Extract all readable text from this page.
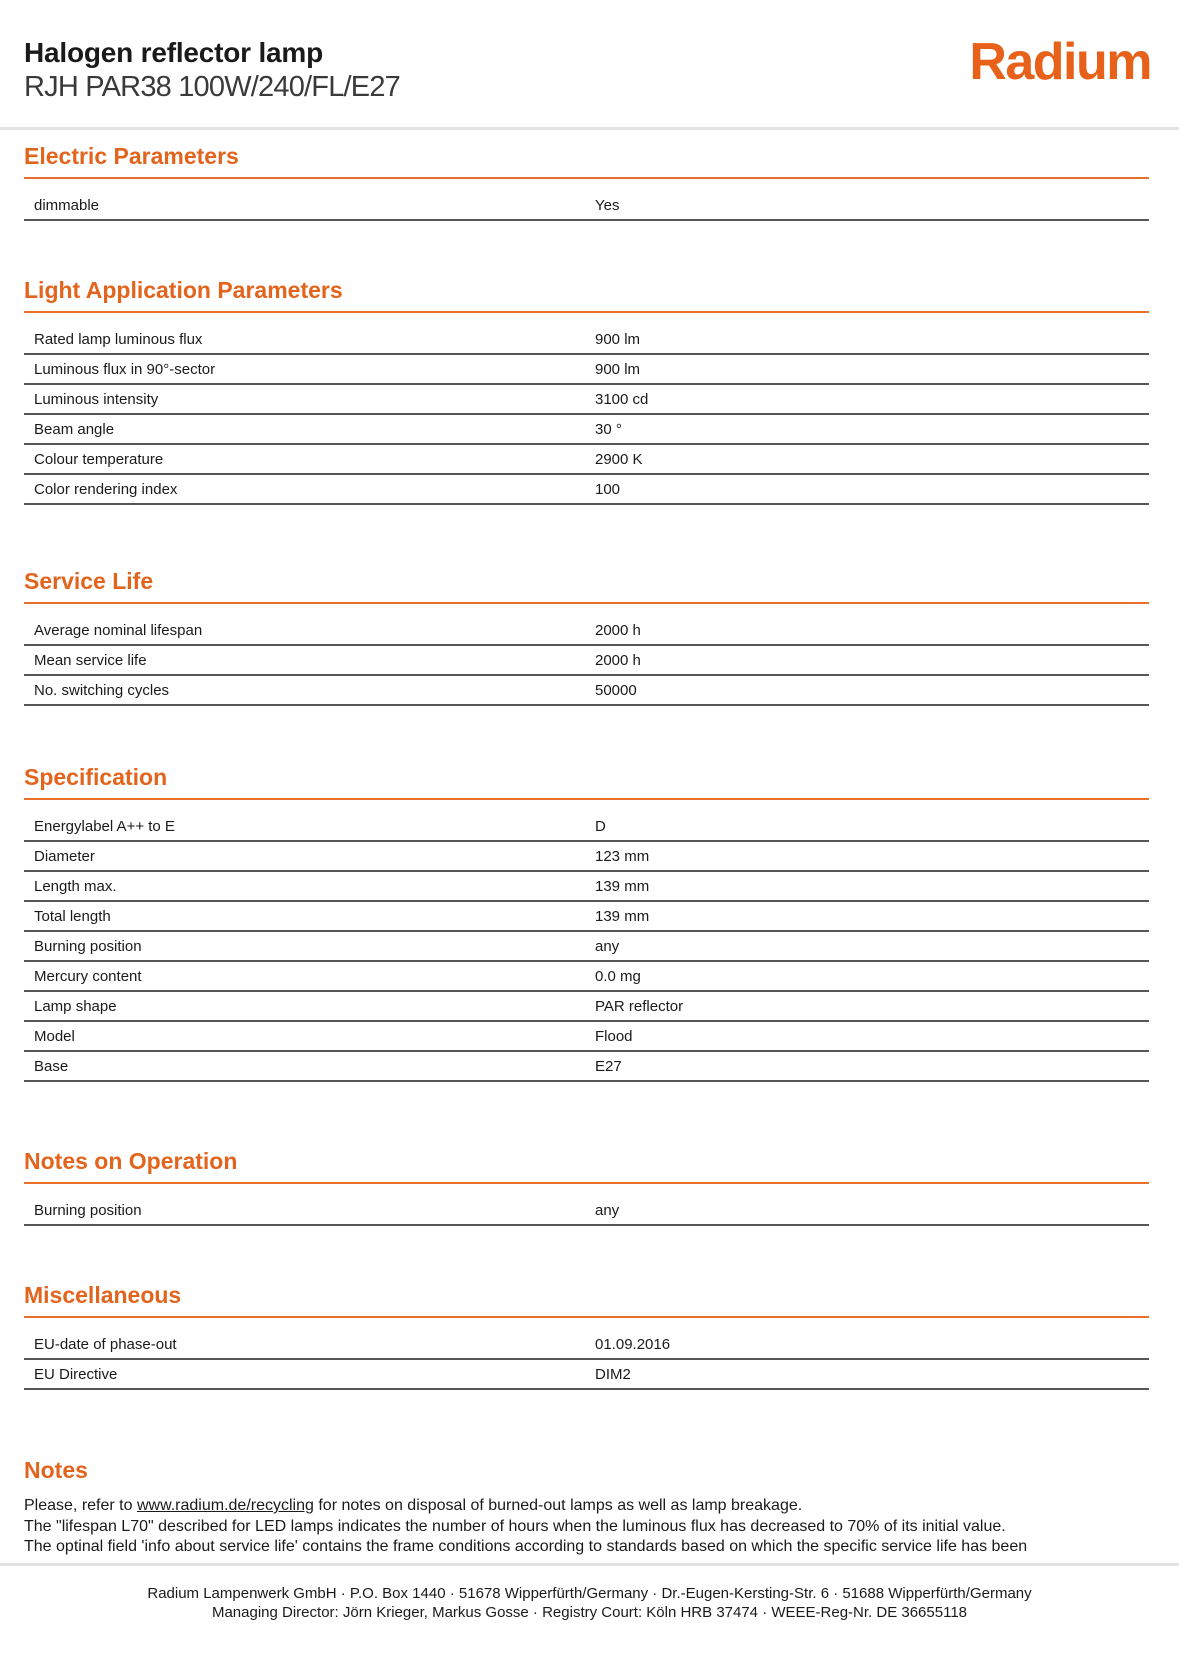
Halogen reflector lamp
RJH PAR38 100W/240/FL/E27	Radium
Electric Parameters
dimmable	Yes
Light Application Parameters
Rated lamp luminous flux	900 lm
Luminous flux in 90°-sector	900 lm
Luminous intensity	3100 cd
Beam angle	30 °
Colour temperature	2900 K
Color rendering index	100
Service Life
Average nominal lifespan	2000 h
Mean service life	2000 h
No. switching cycles	50000
Specification
Energylabel A++ to E	D
Diameter	123 mm
Length max.	139 mm
Total length	139 mm
Burning position	any
Mercury content	0.0 mg
Lamp shape	PAR reflector
Model	Flood
Base	E27
Notes on Operation
Burning position	any
Miscellaneous
EU-date of phase-out	01.09.2016
EU Directive	DIM2
Notes
Please, refer to www.radium.de/recycling for notes on disposal of burned-out lamps as well as lamp breakage.
The "lifespan L70" described for LED lamps indicates the number of hours when the luminous flux has decreased to 70% of its initial value.
The optinal field 'info about service life' contains the frame conditions according to standards based on which the specific service life has been
Radium Lampenwerk GmbH · P.O. Box 1440 · 51678 Wipperfürth/Germany · Dr.-Eugen-Kersting-Str. 6 · 51688 Wipperfürth/Germany
Managing Director: Jörn Krieger, Markus Gosse · Registry Court: Köln HRB 37474 · WEEE-Reg-Nr. DE 36655118
